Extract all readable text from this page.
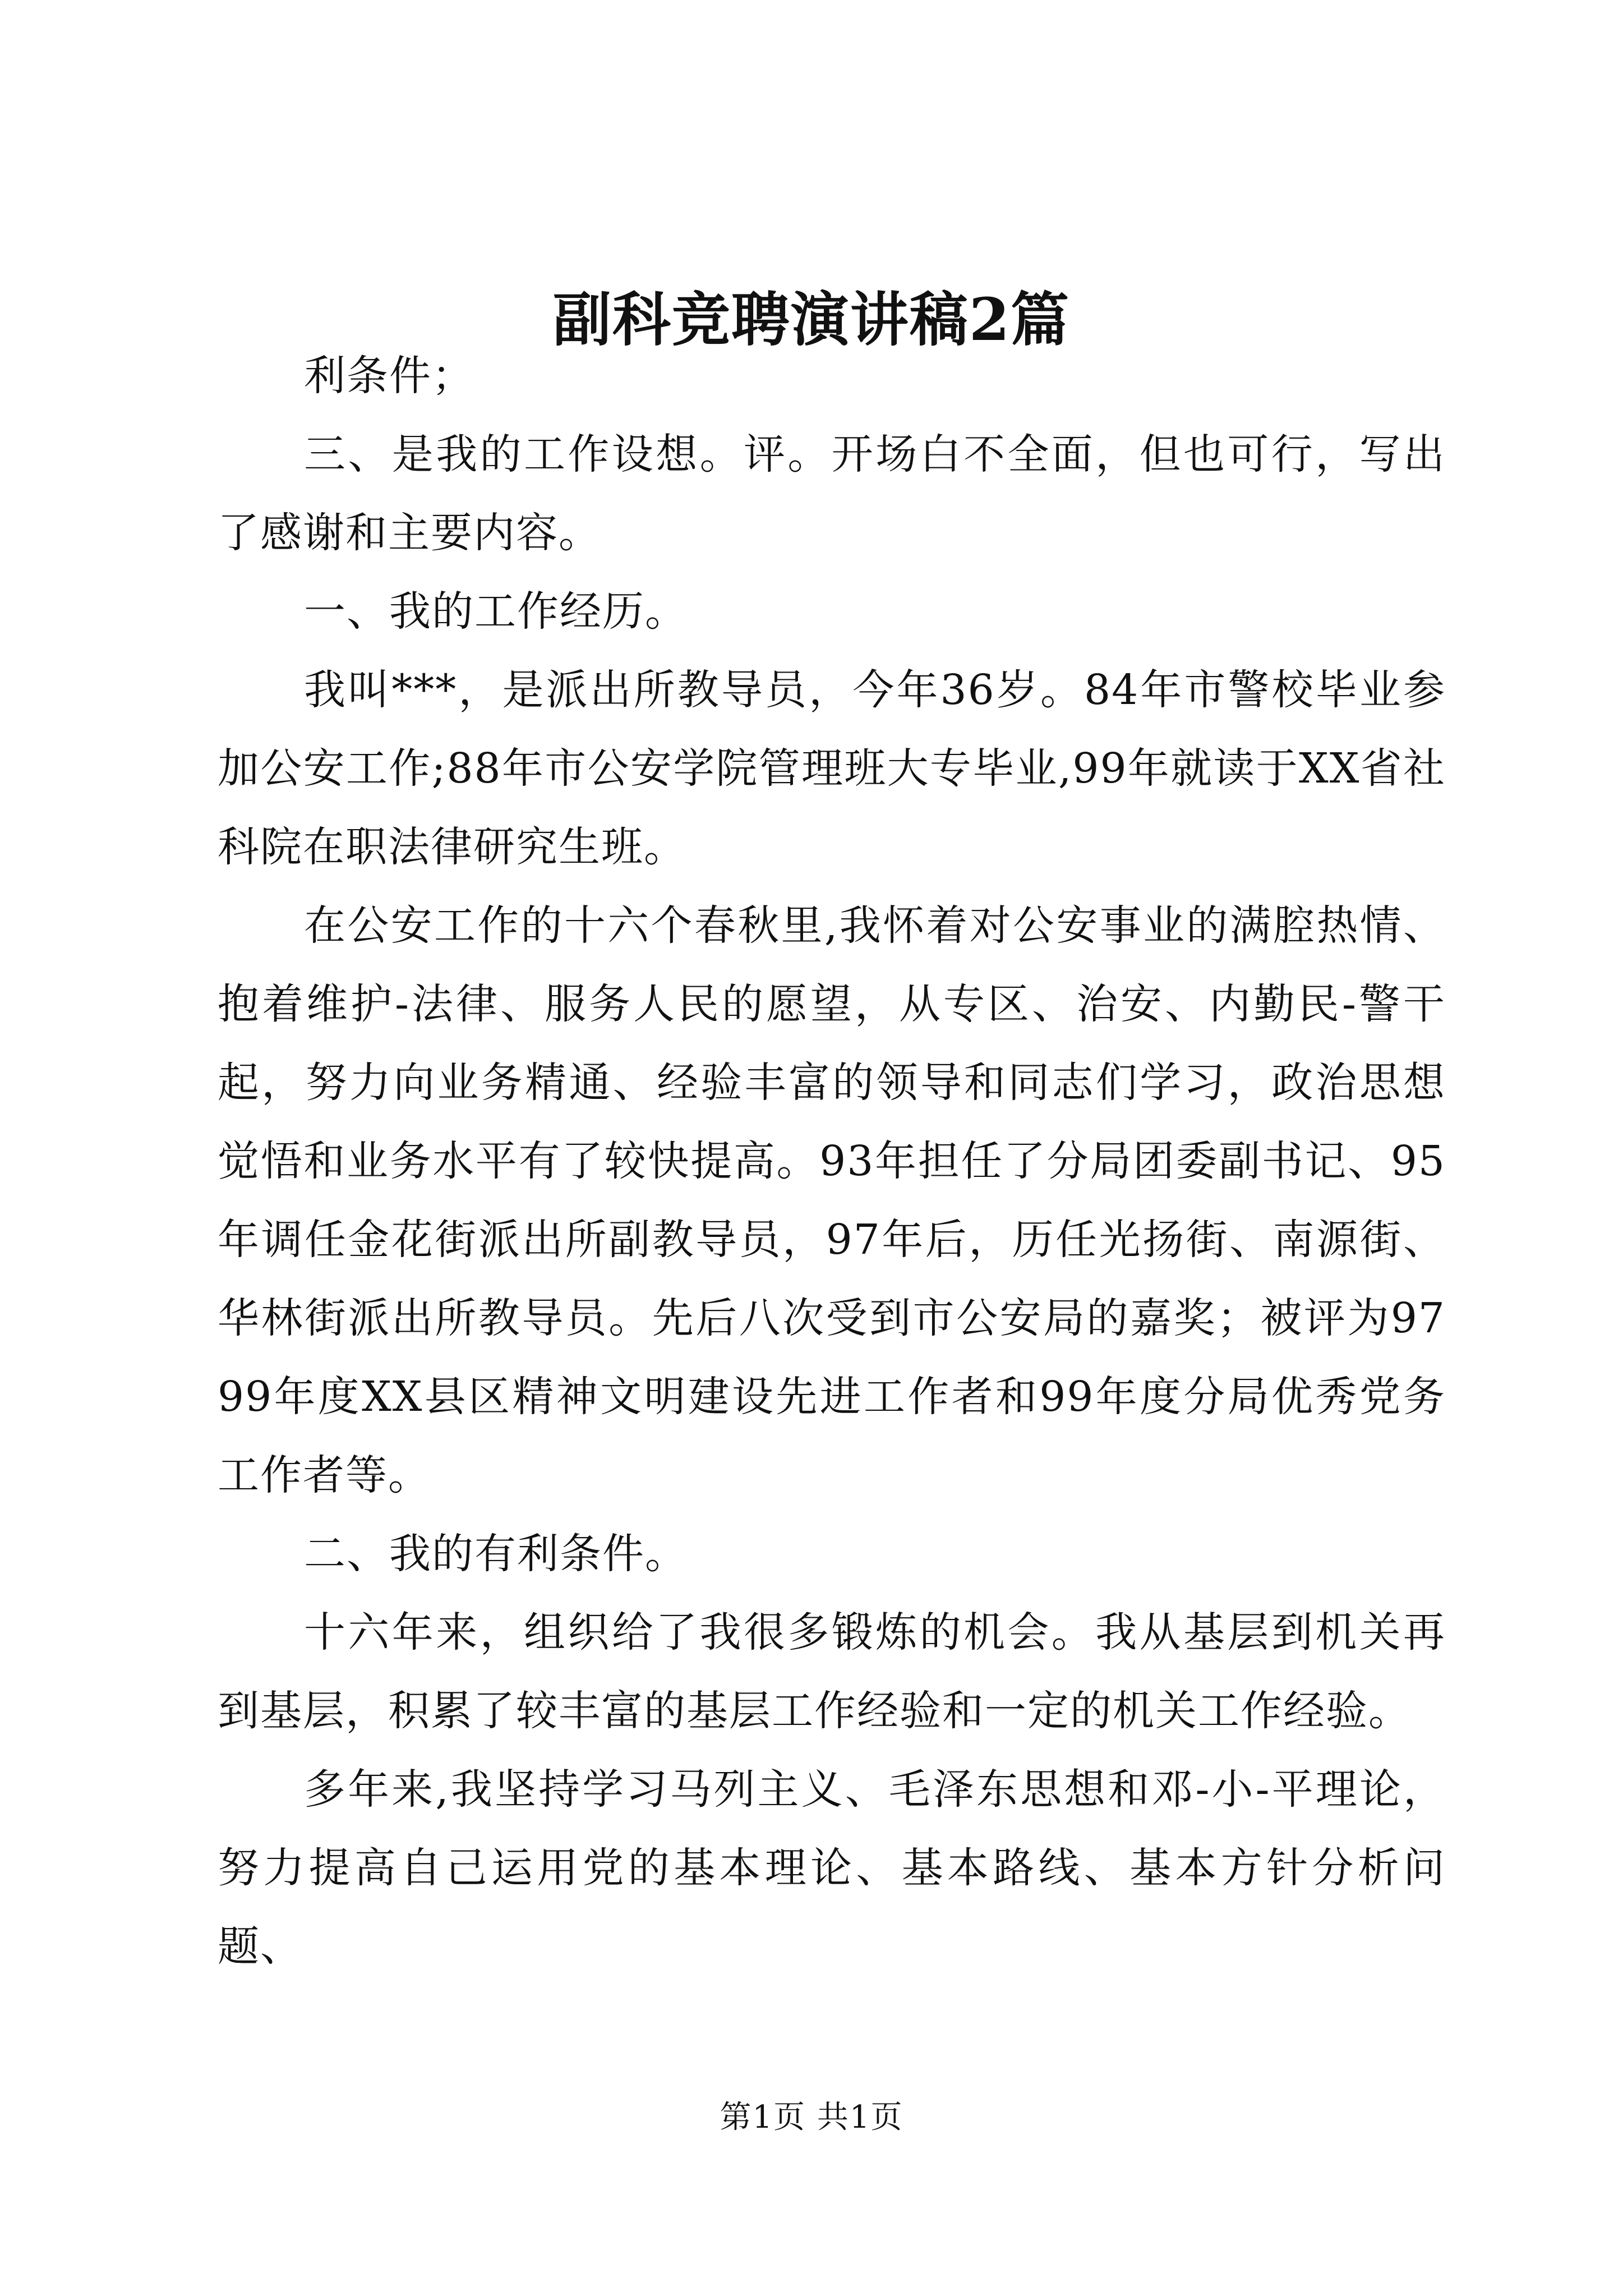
副科竞聘演讲稿2篇

利条件；

三、是我的工作设想。评。开场白不全面，但也可行，写出了感谢和主要内容。

一、我的工作经历。

我叫***，是派出所教导员，今年36岁。84年市警校毕业参加公安工作;88年市公安学院管理班大专毕业,99年就读于XX省社科院在职法律研究生班。

在公安工作的十六个春秋里,我怀着对公安事业的满腔热情、抱着维护-法律、服务人民的愿望，从专区、治安、内勤民-警干起，努力向业务精通、经验丰富的领导和同志们学习，政治思想觉悟和业务水平有了较快提高。93年担任了分局团委副书记、95年调任金花街派出所副教导员，97年后，历任光扬街、南源街、华林街派出所教导员。先后八次受到市公安局的嘉奖；被评为9799年度XX县区精神文明建设先进工作者和99年度分局优秀党务工作者等。

二、我的有利条件。

十六年来，组织给了我很多锻炼的机会。我从基层到机关再到基层，积累了较丰富的基层工作经验和一定的机关工作经验。

多年来,我坚持学习马列主义、毛泽东思想和邓-小-平理论，努力提高自己运用党的基本理论、基本路线、基本方针分析问题、

第1页 共1页
